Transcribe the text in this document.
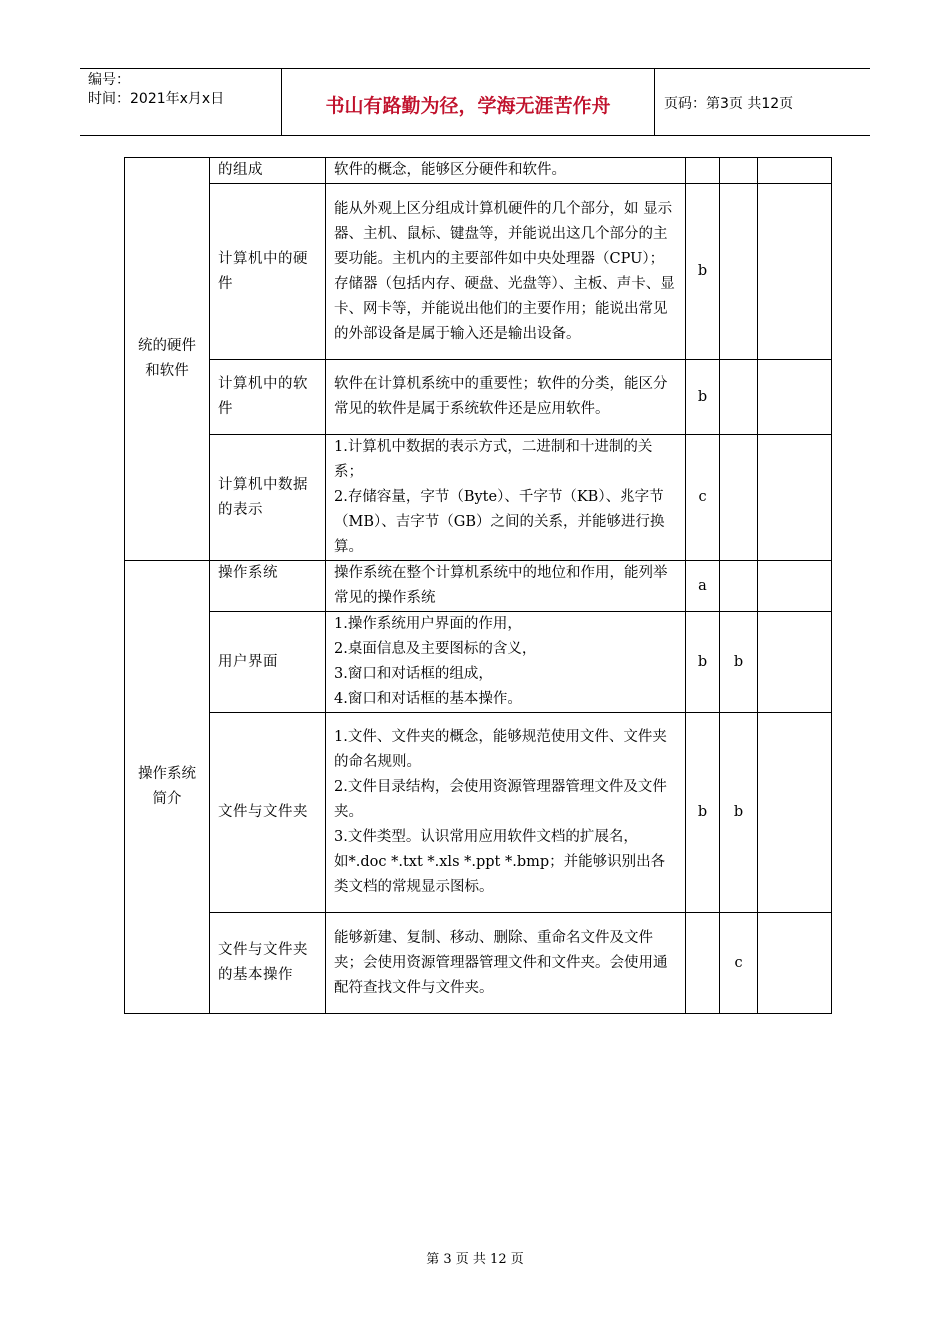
编号：
时间：2021年x月x日	书山有路勤为径，学海无涯苦作舟	页码：第3页 共12页
统的硬件和软件	的组成	软件的概念，能够区分硬件和软件。			

	计算机中的硬件	能从外观上区分组成计算机硬件的几个部分，如 显示器、主机、鼠标、键盘等，并能说出这几个部分的主要功能。主机内的主要部件如中央处理器（CPU）；存储器（包括内存、硬盘、光盘等）、主板、声卡、显卡、网卡等，并能说出他们的主要作用；能说出常见的外部设备是属于输入还是输出设备。	b		
	计算机中的软件	软件在计算机系统中的重要性；软件的分类，能区分常见的软件是属于系统软件还是应用软件。	b		
	计算机中数据的表示	1.计算机中数据的表示方式，二进制和十进制的关系；
2.存储容量，字节（Byte）、千字节（KB）、兆字节（MB）、吉字节（GB）之间的关系，并能够进行换算。	c		
操作系统简介	操作系统	操作系统在整个计算机系统中的地位和作用，能列举常见的操作系统	a		
	用户界面	1.操作系统用户界面的作用，
2.桌面信息及主要图标的含义，
3.窗口和对话框的组成，
4.窗口和对话框的基本操作。	b	b	
	文件与文件夹	1.文件、文件夹的概念，能够规范使用文件、文件夹的命名规则。
2.文件目录结构，会使用资源管理器管理文件及文件夹。
3.文件类型。认识常用应用软件文档的扩展名，
如*.doc *.txt *.xls *.ppt *.bmp；并能够识别出各类文档的常规显示图标。	b	b	
	文件与文件夹的基本操作	能够新建、复制、移动、删除、重命名文件及文件夹；会使用资源管理器管理文件和文件夹。会使用通配符查找文件与文件夹。		c	
第 3 页 共 12 页
